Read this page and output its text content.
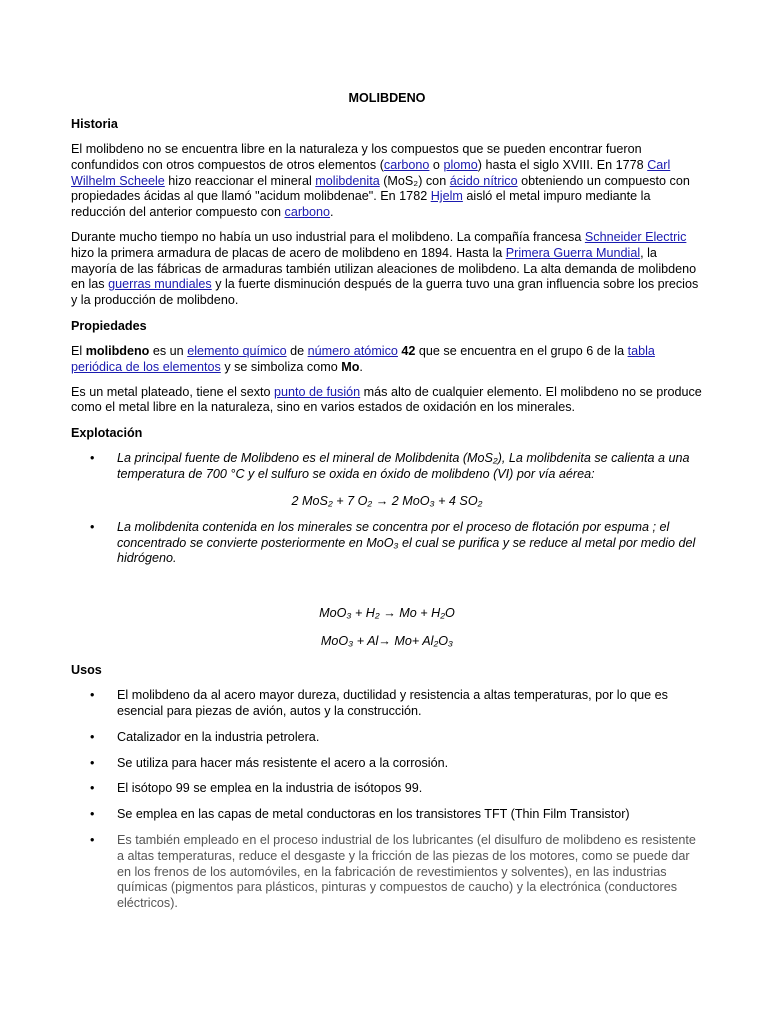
MOLIBDENO
Historia
El molibdeno no se encuentra libre en la naturaleza y los compuestos que se pueden encontrar fueron confundidos con otros compuestos de otros elementos (carbono o plomo) hasta el siglo XVIII. En 1778 Carl Wilhelm Scheele hizo reaccionar el mineral molibdenita (MoS₂) con ácido nítrico obteniendo un compuesto con propiedades ácidas al que llamó "acidum molibdenae". En 1782 Hjelm aisló el metal impuro mediante la reducción del anterior compuesto con carbono.
Durante mucho tiempo no había un uso industrial para el molibdeno. La compañía francesa Schneider Electric hizo la primera armadura de placas de acero de molibdeno en 1894. Hasta la Primera Guerra Mundial, la mayoría de las fábricas de armaduras también utilizan aleaciones de molibdeno. La alta demanda de molibdeno en las guerras mundiales y la fuerte disminución después de la guerra tuvo una gran influencia sobre los precios y la producción de molibdeno.
Propiedades
El molibdeno es un elemento químico de número atómico 42 que se encuentra en el grupo 6 de la tabla periódica de los elementos y se simboliza como Mo.
Es un metal plateado, tiene el sexto punto de fusión más alto de cualquier elemento. El molibdeno no se produce como el metal libre en la naturaleza, sino en varios estados de oxidación en los minerales.
Explotación
• La principal fuente de Molibdeno es el mineral de Molibdenita (MoS₂), La molibdenita se calienta a una temperatura de 700 °C y el sulfuro se oxida en óxido de molibdeno (VI) por vía aérea:
2 MoS₂ + 7 O₂ → 2 MoO₃ + 4 SO₂
• La molibdenita contenida en los minerales se concentra por el proceso de flotación por espuma ; el concentrado se convierte posteriormente en MoO₃ el cual se purifica y se reduce al metal por medio del hidrógeno.
MoO₃ + H₂ → Mo + H₂O
MoO₃ + Al→ Mo+ Al₂O₃
Usos
• El molibdeno da al acero mayor dureza, ductilidad y resistencia a altas temperaturas, por lo que es esencial para piezas de avión, autos y la construcción.
• Catalizador en la industria petrolera.
• Se utiliza para hacer más resistente el acero a la corrosión.
• El isótopo 99 se emplea en la industria de isótopos 99.
• Se emplea en las capas de metal conductoras en los transistores TFT (Thin Film Transistor)
• Es también empleado en el proceso industrial de los lubricantes (el disulfuro de molibdeno es resistente a altas temperaturas, reduce el desgaste y la fricción de las piezas de los motores, como se puede dar en los frenos de los automóviles, en la fabricación de revestimientos y solventes), en las industrias químicas (pigmentos para plásticos, pinturas y compuestos de caucho) y la electrónica (conductores eléctricos).
